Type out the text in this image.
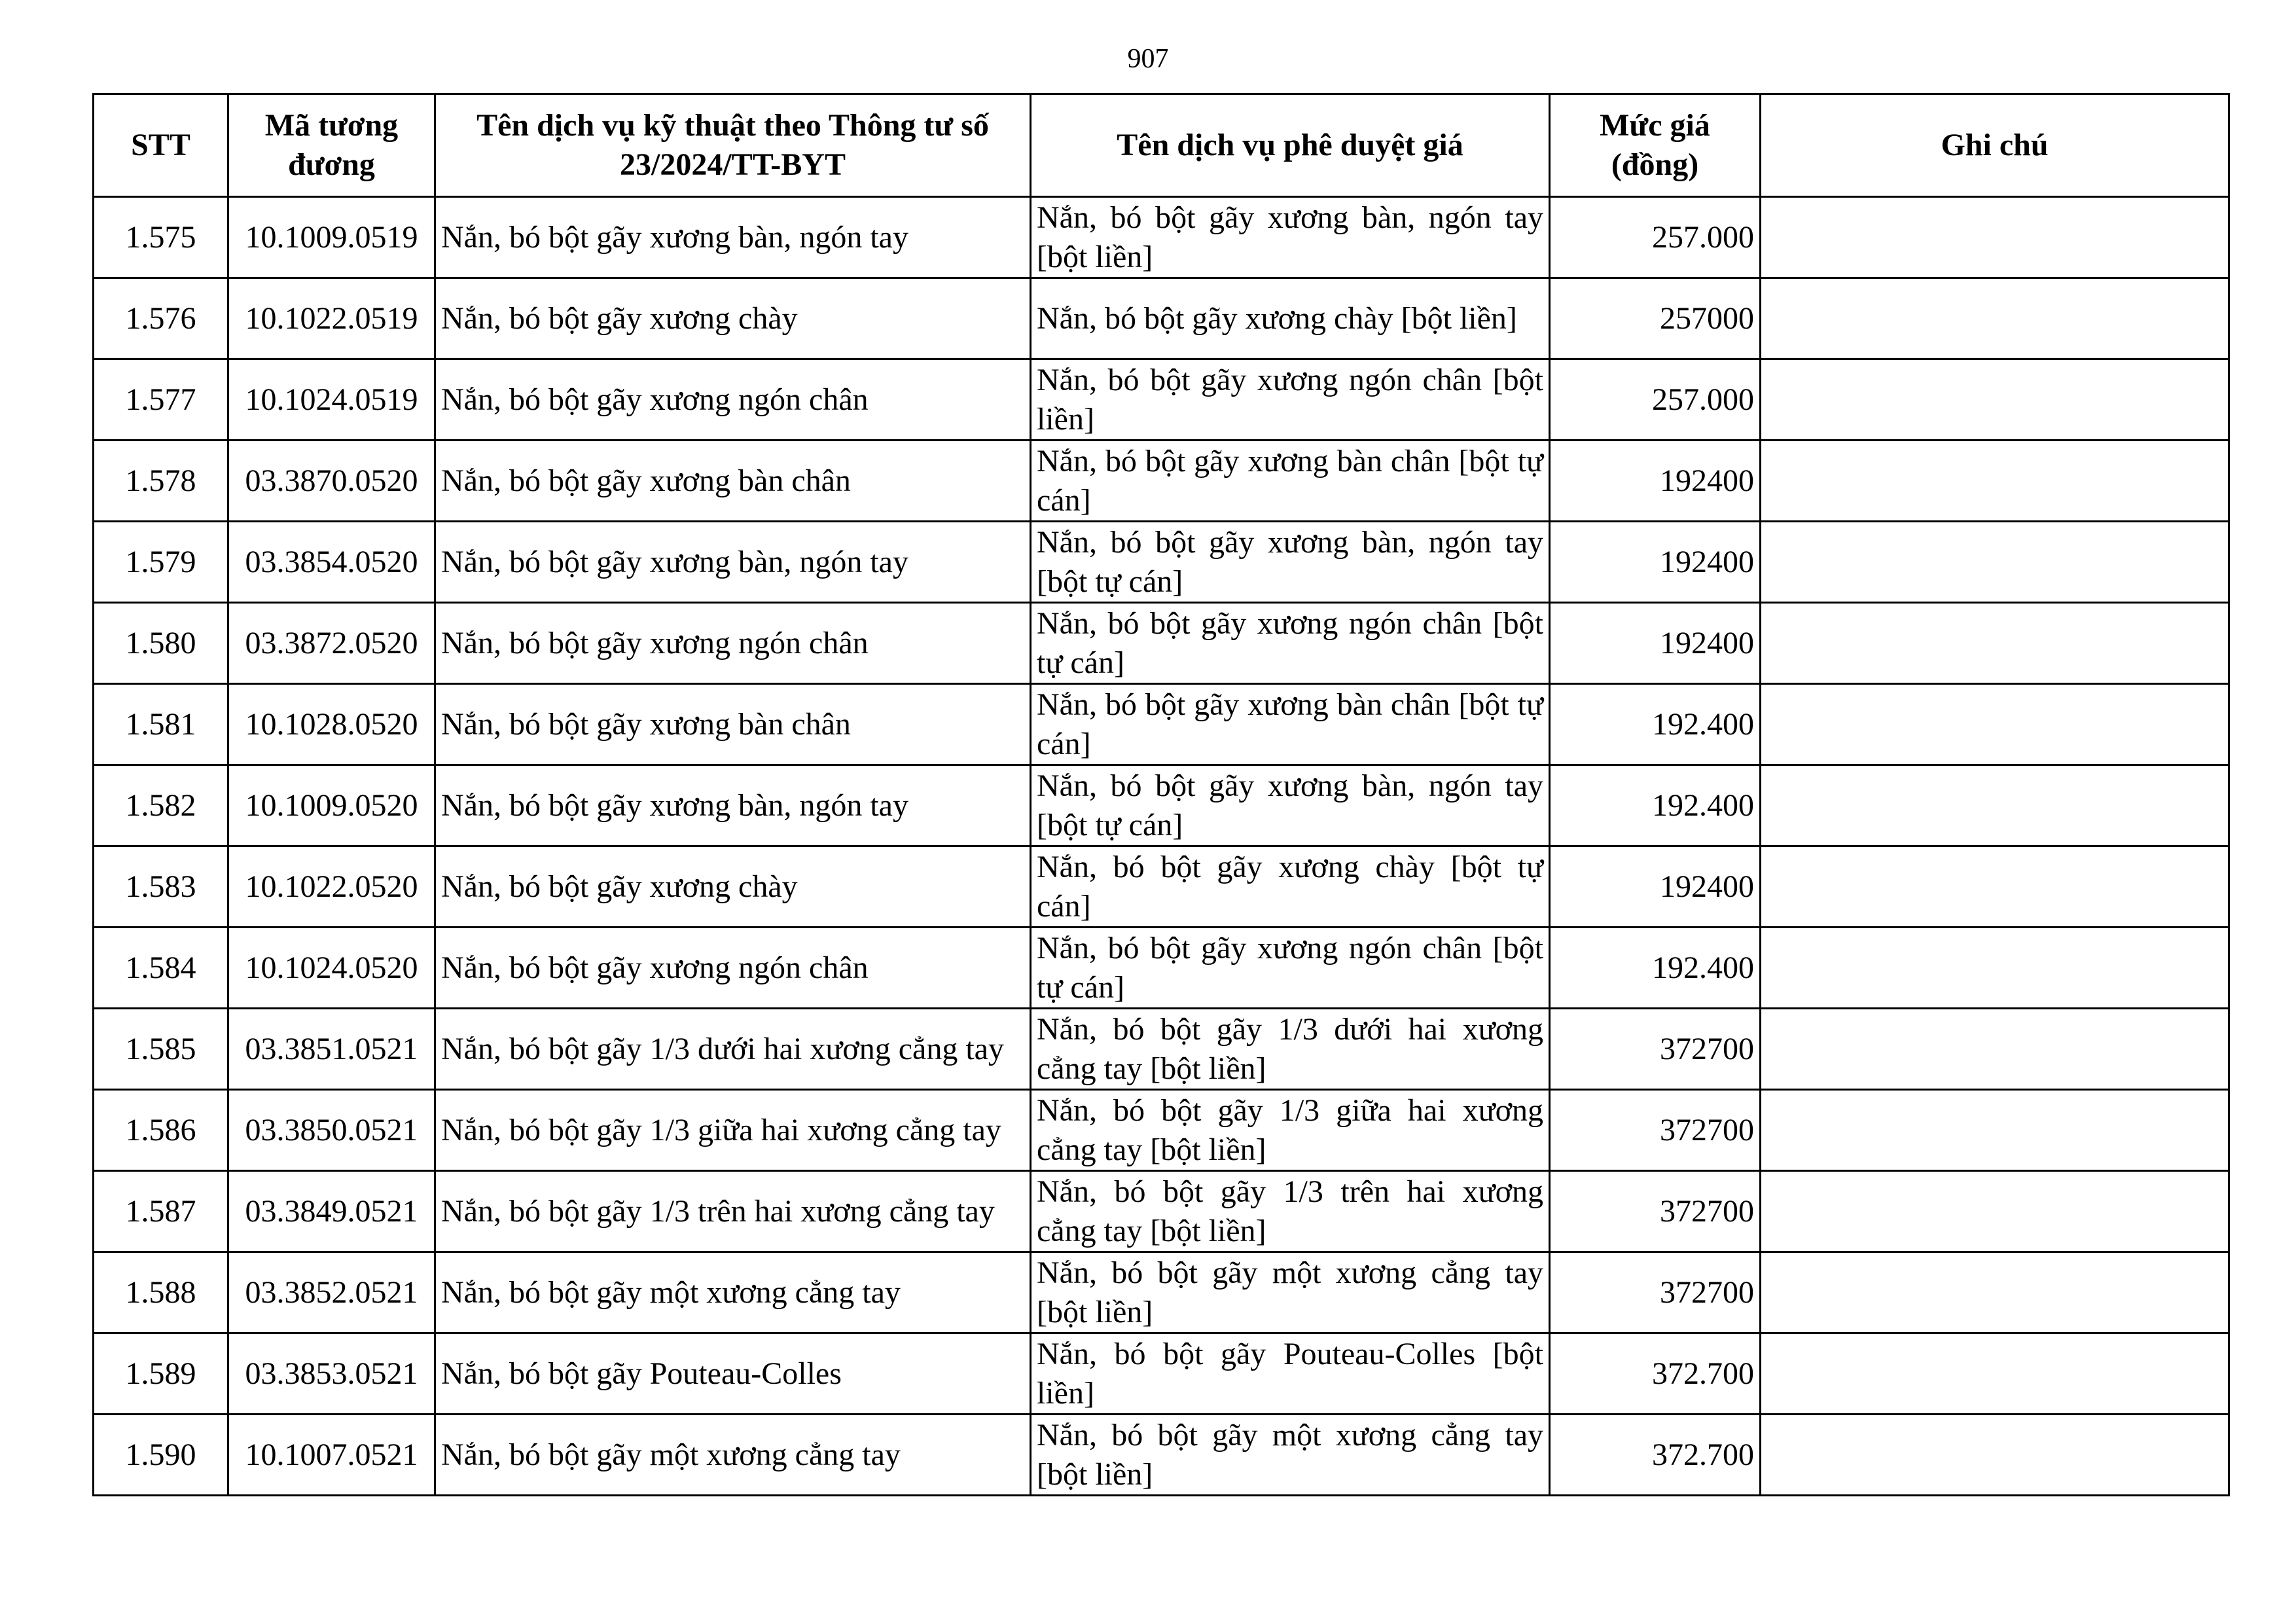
907
STT	Mã tương đương	Tên dịch vụ kỹ thuật theo Thông tư số 23/2024/TT-BYT	Tên dịch vụ phê duyệt giá	Mức giá (đồng)	Ghi chú
1.575	10.1009.0519	Nắn, bó bột gãy xương bàn, ngón tay	Nắn, bó bột gãy xương bàn, ngón tay [bột liền]	257.000	
1.576	10.1022.0519	Nắn, bó bột gãy xương chày	Nắn, bó bột gãy xương chày [bột liền]	257000	
1.577	10.1024.0519	Nắn, bó bột gãy xương ngón chân	Nắn, bó bột gãy xương ngón chân [bột liền]	257.000	
1.578	03.3870.0520	Nắn, bó bột gãy xương bàn chân	Nắn, bó bột gãy xương bàn chân [bột tự cán]	192400	
1.579	03.3854.0520	Nắn, bó bột gãy xương bàn, ngón tay	Nắn, bó bột gãy xương bàn, ngón tay [bột tự cán]	192400	
1.580	03.3872.0520	Nắn, bó bột gãy xương ngón chân	Nắn, bó bột gãy xương ngón chân [bột tự cán]	192400	
1.581	10.1028.0520	Nắn, bó bột gãy xương bàn chân	Nắn, bó bột gãy xương bàn chân [bột tự cán]	192.400	
1.582	10.1009.0520	Nắn, bó bột gãy xương bàn, ngón tay	Nắn, bó bột gãy xương bàn, ngón tay [bột tự cán]	192.400	
1.583	10.1022.0520	Nắn, bó bột gãy xương chày	Nắn, bó bột gãy xương chày [bột tự cán]	192400	
1.584	10.1024.0520	Nắn, bó bột gãy xương ngón chân	Nắn, bó bột gãy xương ngón chân [bột tự cán]	192.400	
1.585	03.3851.0521	Nắn, bó bột gãy 1/3 dưới hai xương cẳng tay	Nắn, bó bột gãy 1/3 dưới hai xương cẳng tay [bột liền]	372700	
1.586	03.3850.0521	Nắn, bó bột gãy 1/3 giữa hai xương cẳng tay	Nắn, bó bột gãy 1/3 giữa hai xương cẳng tay [bột liền]	372700	
1.587	03.3849.0521	Nắn, bó bột gãy 1/3 trên hai xương cẳng tay	Nắn, bó bột gãy 1/3 trên hai xương cẳng tay [bột liền]	372700	
1.588	03.3852.0521	Nắn, bó bột gãy một xương cẳng tay	Nắn, bó bột gãy một xương cẳng tay [bột liền]	372700	
1.589	03.3853.0521	Nắn, bó bột gãy Pouteau-Colles	Nắn, bó bột gãy Pouteau-Colles [bột liền]	372.700	
1.590	10.1007.0521	Nắn, bó bột gãy một xương cẳng tay	Nắn, bó bột gãy một xương cẳng tay [bột liền]	372.700	
